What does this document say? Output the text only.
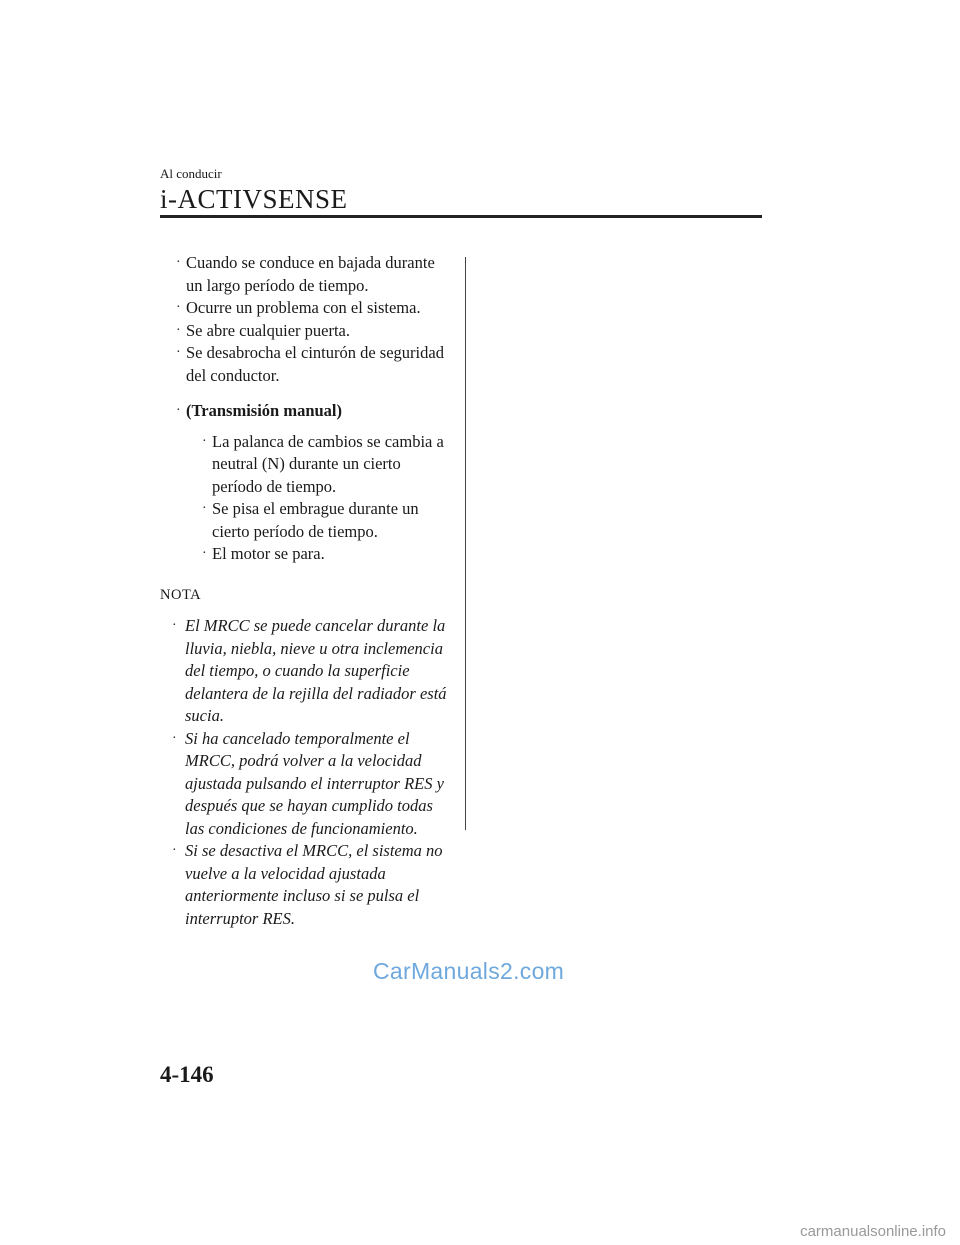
Al conducir

i-ACTIVSENSE

· Cuando se conduce en bajada durante un largo período de tiempo.
· Ocurre un problema con el sistema.
· Se abre cualquier puerta.
· Se desabrocha el cinturón de seguridad del conductor.
· (Transmisión manual)
· La palanca de cambios se cambia a neutral (N) durante un cierto período de tiempo.
· Se pisa el embrague durante un cierto período de tiempo.
· El motor se para.
NOTA
· El MRCC se puede cancelar durante la lluvia, niebla, nieve u otra inclemencia del tiempo, o cuando la superficie delantera de la rejilla del radiador está sucia.
· Si ha cancelado temporalmente el MRCC, podrá volver a la velocidad ajustada pulsando el interruptor RES y después que se hayan cumplido todas las condiciones de funcionamiento.
· Si se desactiva el MRCC, el sistema no vuelve a la velocidad ajustada anteriormente incluso si se pulsa el interruptor RES.
CarManuals2.com
4-146
carmanualsonline.info
